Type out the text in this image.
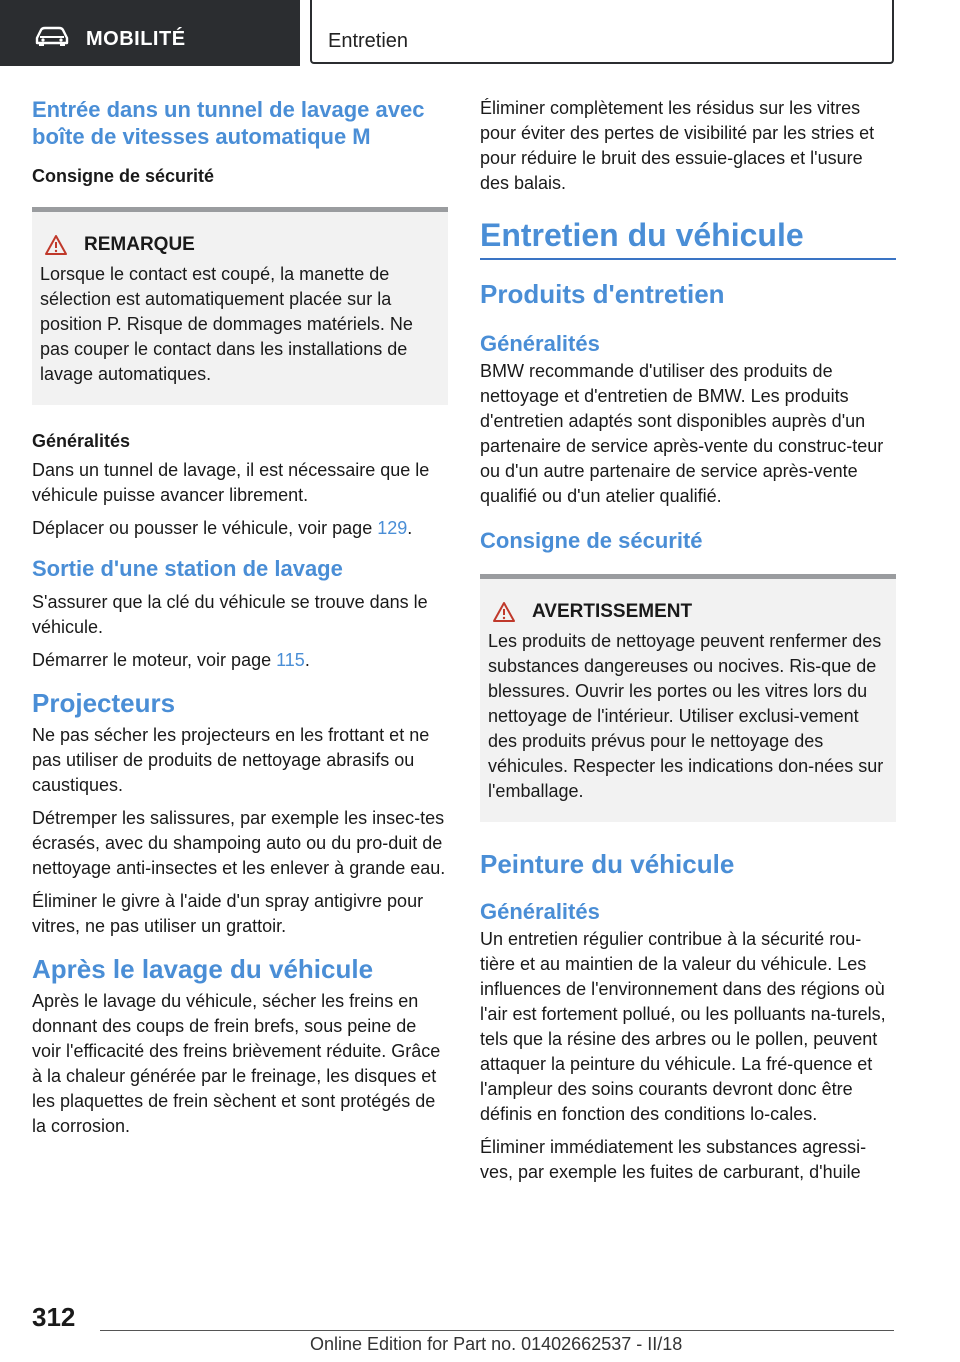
MOBILITÉ	Entretien
Entrée dans un tunnel de lavage avec boîte de vitesses automatique M
Consigne de sécurité
REMARQUE

Lorsque le contact est coupé, la manette de sélection est automatiquement placée sur la position P. Risque de dommages matériels. Ne pas couper le contact dans les installations de lavage automatiques.

Généralités

Dans un tunnel de lavage, il est nécessaire que le véhicule puisse avancer librement.

Déplacer ou pousser le véhicule, voir page 129.

Sortie d'une station de lavage

S'assurer que la clé du véhicule se trouve dans le véhicule.

Démarrer le moteur, voir page 115.

Projecteurs

Ne pas sécher les projecteurs en les frottant et ne pas utiliser de produits de nettoyage abrasifs ou caustiques.

Détremper les salissures, par exemple les insec-tes écrasés, avec du shampoing auto ou du pro-duit de nettoyage anti-insectes et les enlever à grande eau.

Éliminer le givre à l'aide d'un spray antigivre pour vitres, ne pas utiliser un grattoir.

Après le lavage du véhicule

Après le lavage du véhicule, sécher les freins en donnant des coups de frein brefs, sous peine de voir l'efficacité des freins brièvement réduite. Grâce à la chaleur générée par le freinage, les disques et les plaquettes de frein sèchent et sont protégés de la corrosion.

Éliminer complètement les résidus sur les vitres pour éviter des pertes de visibilité par les stries et pour réduire le bruit des essuie-glaces et l'usure des balais.

Entretien du véhicule
Produits d'entretien
Généralités

BMW recommande d'utiliser des produits de nettoyage et d'entretien de BMW. Les produits d'entretien adaptés sont disponibles auprès d'un partenaire de service après-vente du construc-teur ou d'un autre partenaire de service après-vente qualifié ou d'un atelier qualifié.

Consigne de sécurité
AVERTISSEMENT

Les produits de nettoyage peuvent renfermer des substances dangereuses ou nocives. Ris-que de blessures. Ouvrir les portes ou les vitres lors du nettoyage de l'intérieur. Utiliser exclusi-vement des produits prévus pour le nettoyage des véhicules. Respecter les indications don-nées sur l'emballage.

Peinture du véhicule
Généralités

Un entretien régulier contribue à la sécurité rou-tière et au maintien de la valeur du véhicule. Les influences de l'environnement dans des régions où l'air est fortement pollué, ou les polluants na-turels, tels que la résine des arbres ou le pollen, peuvent attaquer la peinture du véhicule. La fré-quence et l'ampleur des soins courants devront donc être définis en fonction des conditions lo-cales.

Éliminer immédiatement les substances agressi-ves, par exemple les fuites de carburant, d'huile

312
Online Edition for Part no. 01402662537 - II/18
